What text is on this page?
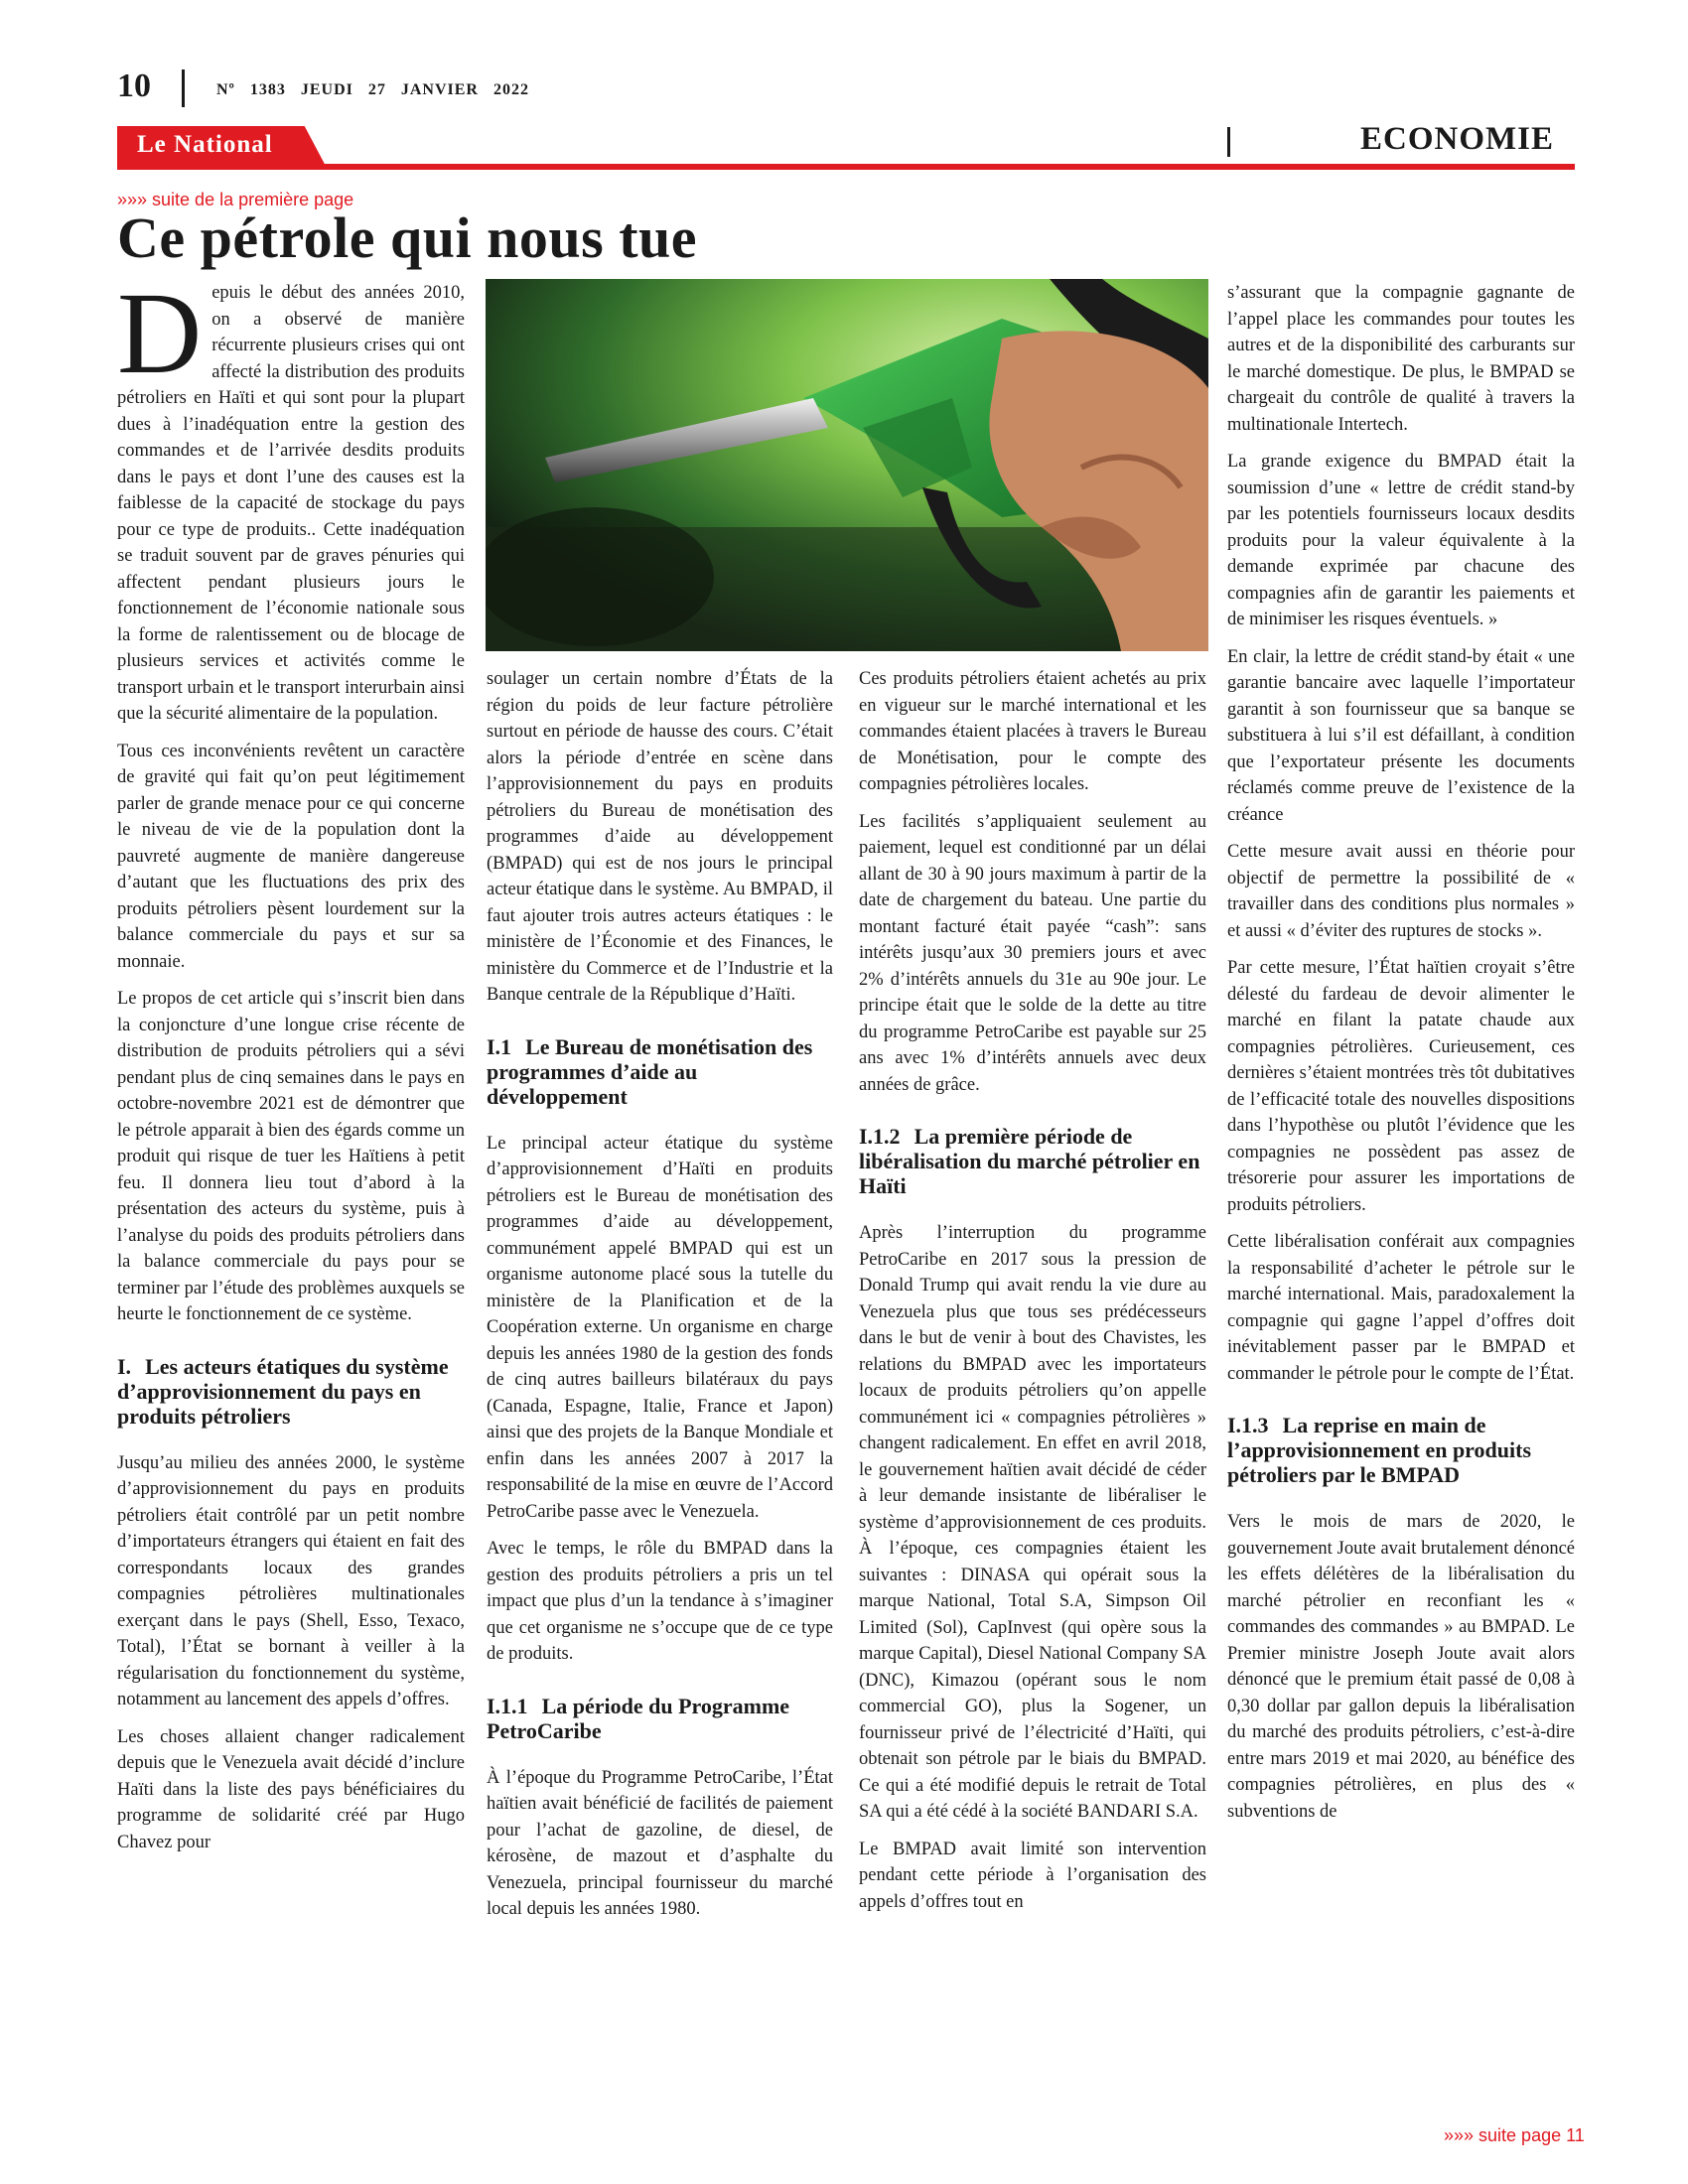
10	Nº 1383 JEUDI 27 JANVIER 2022
Le National	ECONOMIE
»»» suite de la première page
Ce pétrole qui nous tue

Depuis le début des années 2010, on a observé de manière récurrente plusieurs crises qui ont affecté la distribution des produits pétroliers en Haïti et qui sont pour la plupart dues à l’inadéquation entre la gestion des commandes et de l’arrivée desdits produits dans le pays et dont l’une des causes est la faiblesse de la capacité de stockage du pays pour ce type de produits.. Cette inadéquation se traduit souvent par de graves pénuries qui affectent pendant plusieurs jours le fonctionnement de l’économie nationale sous la forme de ralentissement ou de blocage de plusieurs services et activités comme le transport urbain et le transport interurbain ainsi que la sécurité alimentaire de la population.

Tous ces inconvénients revêtent un caractère de gravité qui fait qu’on peut légitimement parler de grande menace pour ce qui concerne le niveau de vie de la population dont la pauvreté augmente de manière dangereuse d’autant que les fluctuations des prix des produits pétroliers pèsent lourdement sur la balance commerciale du pays et sur sa monnaie.

Le propos de cet article qui s’inscrit bien dans la conjoncture d’une longue crise récente de distribution de produits pétroliers qui a sévi pendant plus de cinq semaines dans le pays en octobre-novembre 2021 est de démontrer que le pétrole apparait à bien des égards comme un produit qui risque de tuer les Haïtiens à petit feu. Il donnera lieu tout d’abord à la présentation des acteurs du système, puis à l’analyse du poids des produits pétroliers dans la balance commerciale du pays pour se terminer par l’étude des problèmes auxquels se heurte le fonctionnement de ce système.

I. Les acteurs étatiques du système d’approvisionnement du pays en produits pétroliers

Jusqu’au milieu des années 2000, le système d’approvisionnement du pays en produits pétroliers était contrôlé par un petit nombre d’importateurs étrangers qui étaient en fait des correspondants locaux des grandes compagnies pétrolières multinationales exerçant dans le pays (Shell, Esso, Texaco, Total), l’État se bornant à veiller à la régularisation du fonctionnement du système, notamment au lancement des appels d’offres.

Les choses allaient changer radicalement depuis que le Venezuela avait décidé d’inclure Haïti dans la liste des pays bénéficiaires du programme de solidarité créé par Hugo Chavez pour

soulager un certain nombre d’États de la région du poids de leur facture pétrolière surtout en période de hausse des cours. C’était alors la période d’entrée en scène dans l’approvisionnement du pays en produits pétroliers du Bureau de monétisation des programmes d’aide au développement (BMPAD) qui est de nos jours le principal acteur étatique dans le système. Au BMPAD, il faut ajouter trois autres acteurs étatiques : le ministère de l’Économie et des Finances, le ministère du Commerce et de l’Industrie et la Banque centrale de la République d’Haïti.

I.1 Le Bureau de monétisation des programmes d’aide au développement

Le principal acteur étatique du système d’approvisionnement d’Haïti en produits pétroliers est le Bureau de monétisation des programmes d’aide au développement, communément appelé BMPAD qui est un organisme autonome placé sous la tutelle du ministère de la Planification et de la Coopération externe. Un organisme en charge depuis les années 1980 de la gestion des fonds de cinq autres bailleurs bilatéraux du pays (Canada, Espagne, Italie, France et Japon) ainsi que des projets de la Banque Mondiale et enfin dans les années 2007 à 2017 la responsabilité de la mise en œuvre de l’Accord PetroCaribe passe avec le Venezuela.

Avec le temps, le rôle du BMPAD dans la gestion des produits pétroliers a pris un tel impact que plus d’un la tendance à s’imaginer que cet organisme ne s’occupe que de ce type de produits.

I.1.1 La période du Programme PetroCaribe

À l’époque du Programme PetroCaribe, l’État haïtien avait bénéficié de facilités de paiement pour l’achat de gazoline, de diesel, de kérosène, de mazout et d’asphalte du Venezuela, principal fournisseur du marché local depuis les années 1980.

Ces produits pétroliers étaient achetés au prix en vigueur sur le marché international et les commandes étaient placées à travers le Bureau de Monétisation, pour le compte des compagnies pétrolières locales.

Les facilités s’appliquaient seulement au paiement, lequel est conditionné par un délai allant de 30 à 90 jours maximum à partir de la date de chargement du bateau. Une partie du montant facturé était payée “cash”: sans intérêts jusqu’aux 30 premiers jours et avec 2% d’intérêts annuels du 31e au 90e jour. Le principe était que le solde de la dette au titre du programme PetroCaribe est payable sur 25 ans avec 1% d’intérêts annuels avec deux années de grâce.

I.1.2 La première période de libéralisation du marché pétrolier en Haïti

Après l’interruption du programme PetroCaribe en 2017 sous la pression de Donald Trump qui avait rendu la vie dure au Venezuela plus que tous ses prédécesseurs dans le but de venir à bout des Chavistes, les relations du BMPAD avec les importateurs locaux de produits pétroliers qu’on appelle communément ici « compagnies pétrolières » changent radicalement. En effet en avril 2018, le gouvernement haïtien avait décidé de céder à leur demande insistante de libéraliser le système d’approvisionnement de ces produits. À l’époque, ces compagnies étaient les suivantes : DINASA qui opérait sous la marque National, Total S.A, Simpson Oil Limited (Sol), CapInvest (qui opère sous la marque Capital), Diesel National Company SA (DNC), Kimazou (opérant sous le nom commercial GO), plus la Sogener, un fournisseur privé de l’électricité d’Haïti, qui obtenait son pétrole par le biais du BMPAD. Ce qui a été modifié depuis le retrait de Total SA qui a été cédé à la société BANDARI S.A.

Le BMPAD avait limité son intervention pendant cette période à l’organisation des appels d’offres tout en

s’assurant que la compagnie gagnante de l’appel place les commandes pour toutes les autres et de la disponibilité des carburants sur le marché domestique. De plus, le BMPAD se chargeait du contrôle de qualité à travers la multinationale Intertech.

La grande exigence du BMPAD était la soumission d’une « lettre de crédit stand-by par les potentiels fournisseurs locaux desdits produits pour la valeur équivalente à la demande exprimée par chacune des compagnies afin de garantir les paiements et de minimiser les risques éventuels. »

En clair, la lettre de crédit stand-by était « une garantie bancaire avec laquelle l’importateur garantit à son fournisseur que sa banque se substituera à lui s’il est défaillant, à condition que l’exportateur présente les documents réclamés comme preuve de l’existence de la créance

Cette mesure avait aussi en théorie pour objectif de permettre la possibilité de « travailler dans des conditions plus normales » et aussi « d’éviter des ruptures de stocks ».

Par cette mesure, l’État haïtien croyait s’être délesté du fardeau de devoir alimenter le marché en filant la patate chaude aux compagnies pétrolières. Curieusement, ces dernières s’étaient montrées très tôt dubitatives de l’efficacité totale des nouvelles dispositions dans l’hypothèse ou plutôt l’évidence que les compagnies ne possèdent pas assez de trésorerie pour assurer les importations de produits pétroliers.

Cette libéralisation conférait aux compagnies la responsabilité d’acheter le pétrole sur le marché international. Mais, paradoxalement la compagnie qui gagne l’appel d’offres doit inévitablement passer par le BMPAD et commander le pétrole pour le compte de l’État.

I.1.3 La reprise en main de l’approvisionnement en produits pétroliers par le BMPAD

Vers le mois de mars de 2020, le gouvernement Joute avait brutalement dénoncé les effets délétères de la libéralisation du marché pétrolier en reconfiant les « commandes des commandes » au BMPAD. Le Premier ministre Joseph Joute avait alors dénoncé que le premium était passé de 0,08 à 0,30 dollar par gallon depuis la libéralisation du marché des produits pétroliers, c’est-à-dire entre mars 2019 et mai 2020, au bénéfice des compagnies pétrolières, en plus des « subventions de

»»» suite page 11
